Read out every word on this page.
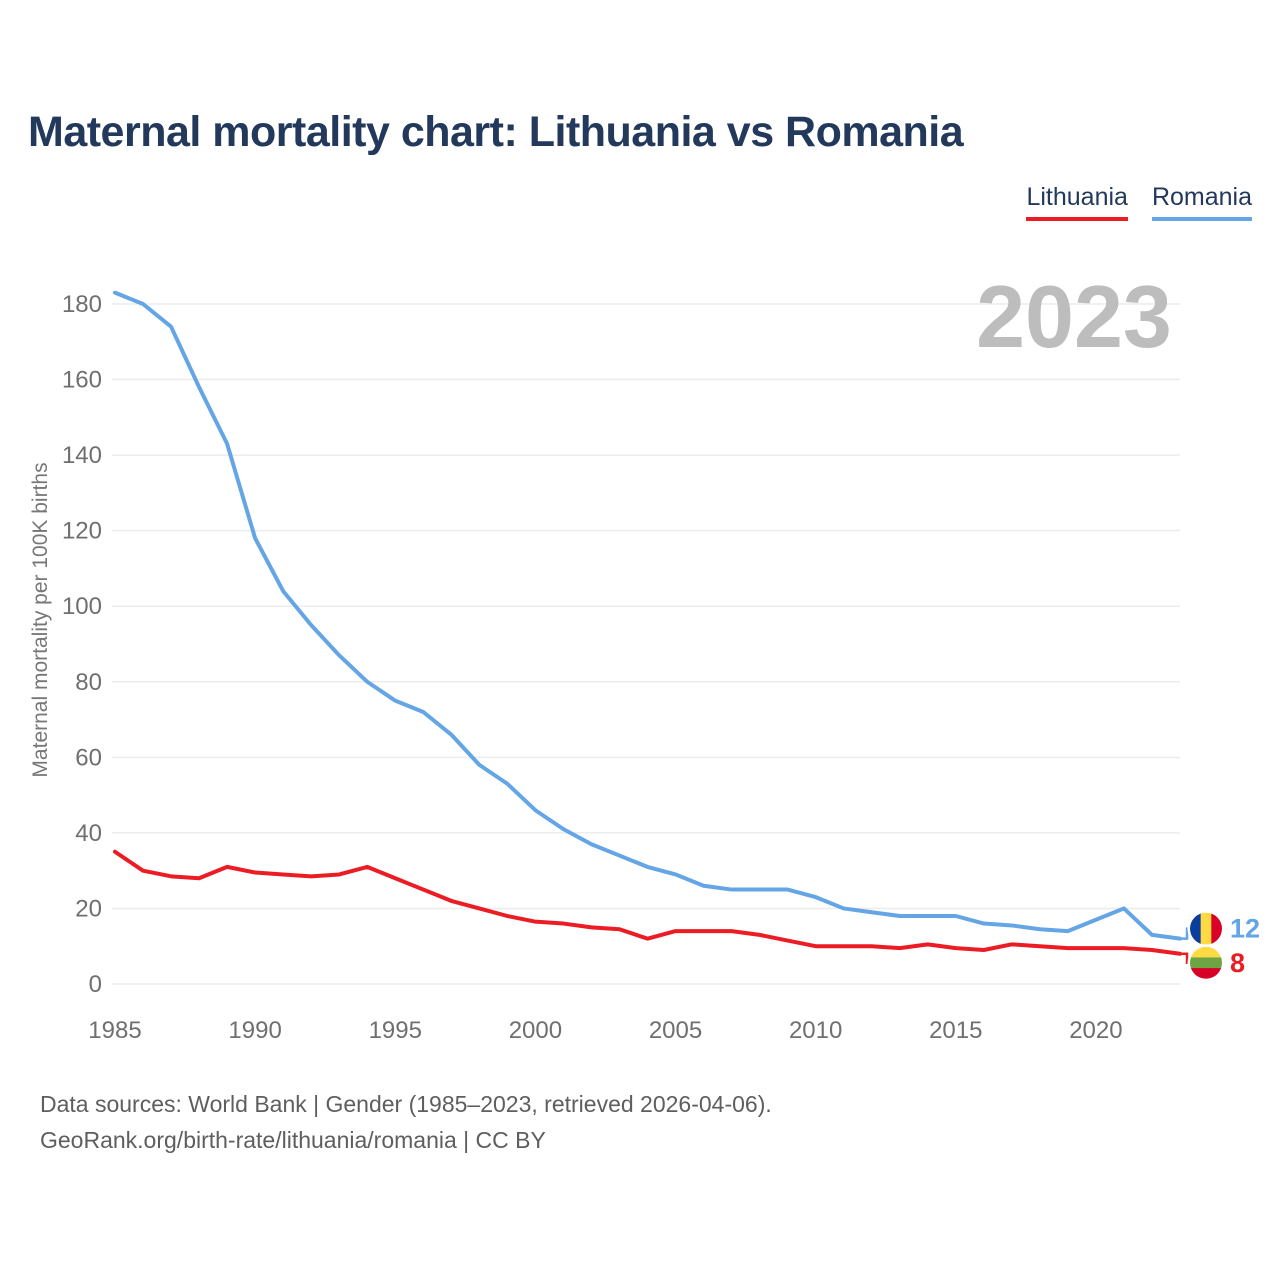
Maternal mortality chart: Lithuania vs Romania
Lithuania Romania
0
20
40
60
80
100
120
140
160
180
1985	1990	1995	2000	2005	2010	2015	2020
2023
Maternal mortality per 100K births
12
8
Data sources: World Bank | Gender (1985–2023, retrieved 2026-04-06).
GeoRank.org/birth-rate/lithuania/romania | CC BY
